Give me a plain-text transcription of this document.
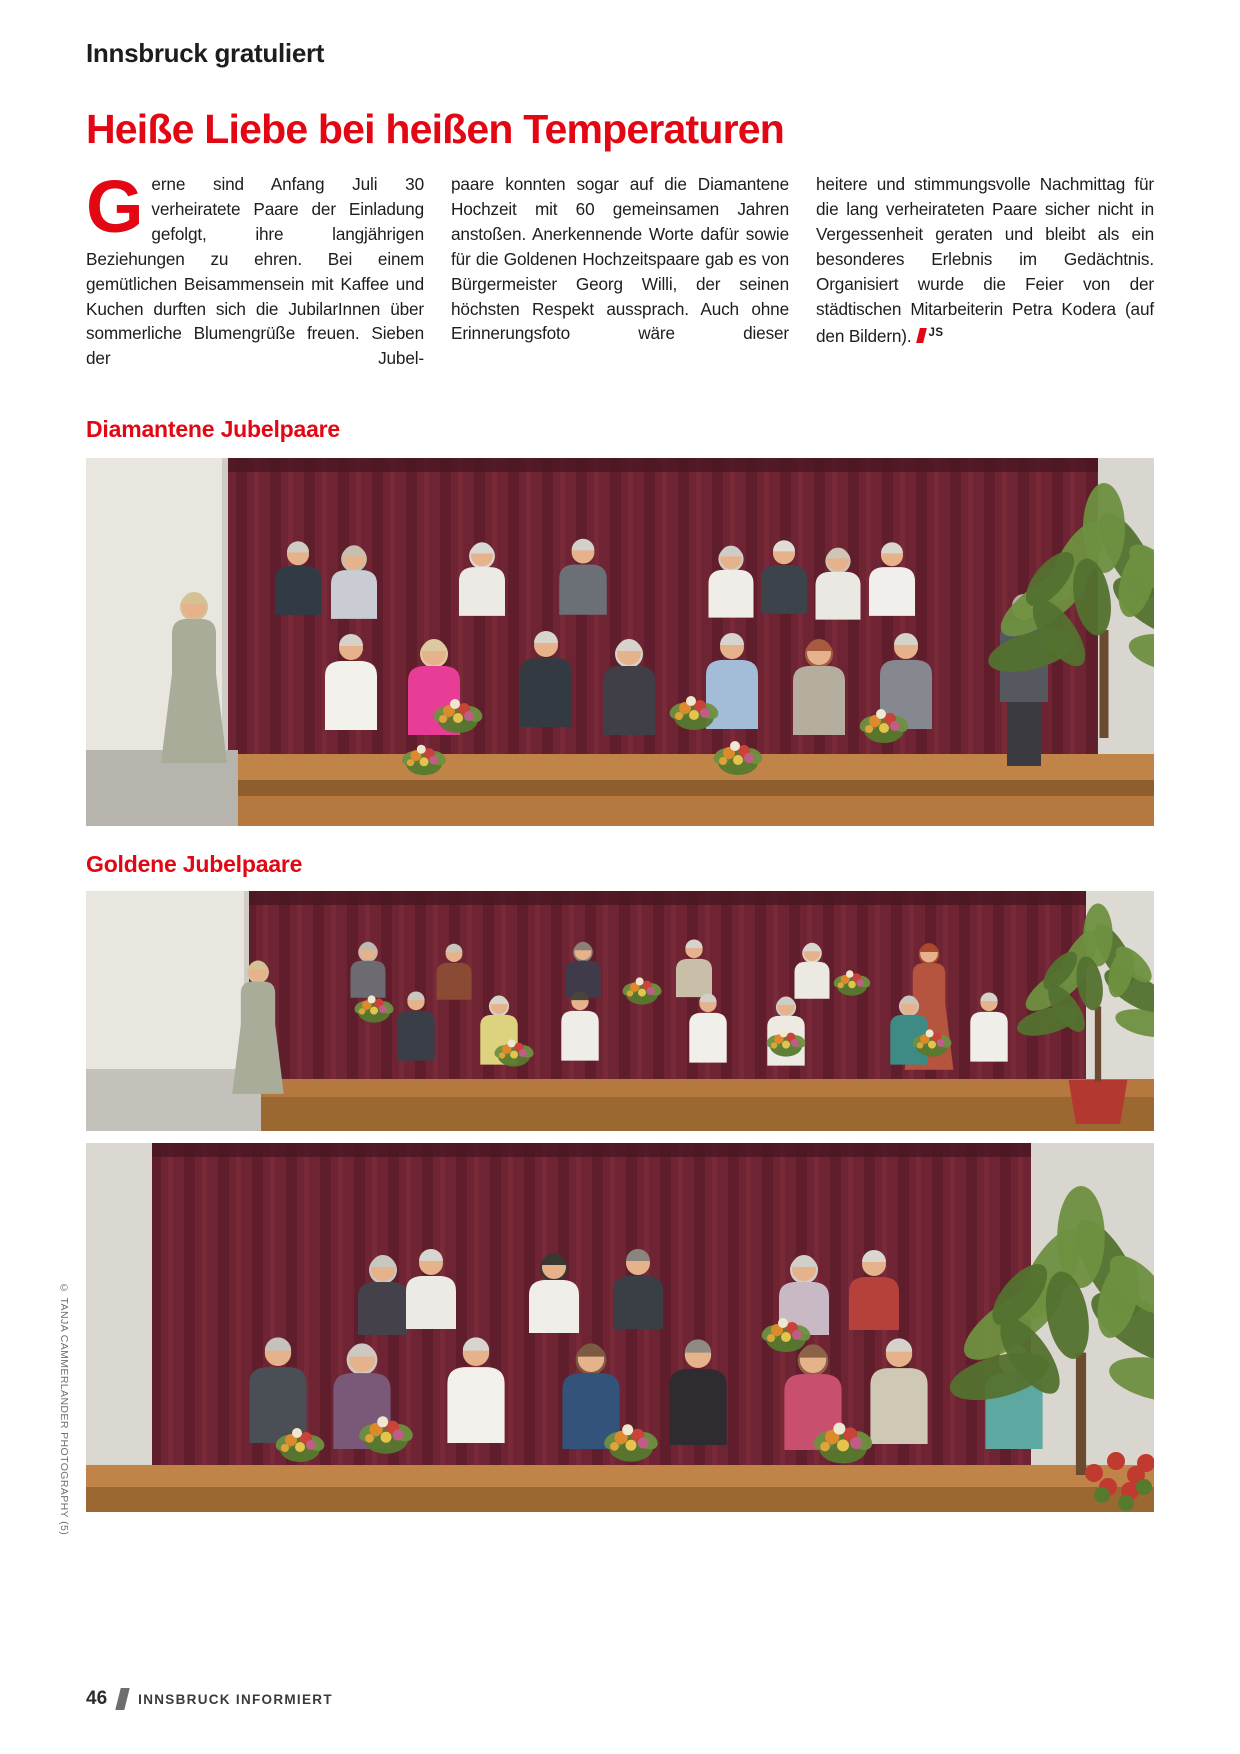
Innsbruck gratuliert
Heiße Liebe bei heißen Temperaturen

Gerne sind Anfang Juli 30 verheiratete Paare der Einladung gefolgt, ihre langjährigen Beziehungen zu ehren. Bei einem gemütlichen Beisammensein mit Kaffee und Kuchen durften sich die JubilarInnen über sommerliche Blumengrüße freuen. Sieben der Jubel-

paare konnten sogar auf die Diamantene Hochzeit mit 60 gemeinsamen Jahren anstoßen. Anerkennende Worte dafür sowie für die Goldenen Hochzeitspaare gab es von Bürgermeister Georg Willi, der seinen höchsten Respekt aussprach. Auch ohne Erinnerungsfoto wäre dieser

heitere und stimmungsvolle Nachmittag für die lang verheirateten Paare sicher nicht in Vergessenheit geraten und bleibt als ein besonderes Erlebnis im Gedächtnis. Organisiert wurde die Feier von der städtischen Mitarbeiterin Petra Kodera (auf den Bildern). $^{JS}$

Diamantene Jubelpaare
Goldene Jubelpaare
© TANJA CAMMERLANDER PHOTOGRAPHY (5)
46 INNSBRUCK INFORMIERT
